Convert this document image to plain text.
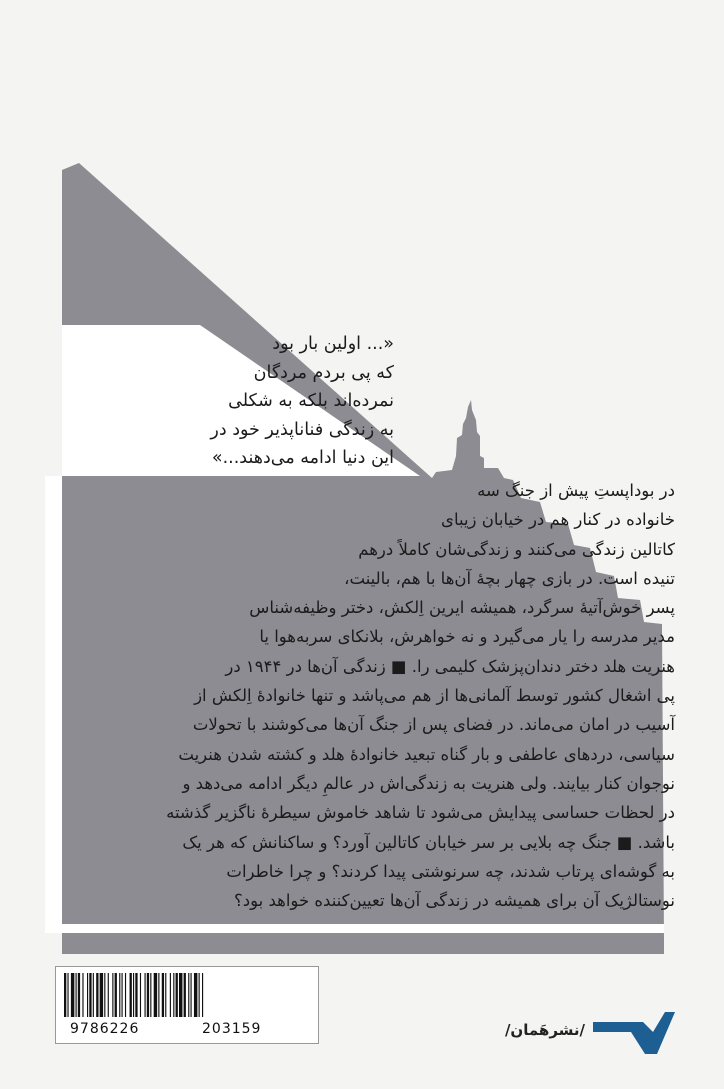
«... اولین بار بود
که پی بردم مردگان
نمرده‌اند بلکه به شکلی
به زندگی فناناپذیر خود در
این دنیا ادامه می‌دهند...»
در بوداپستِ پیش از جنگ سه
خانواده در کنار هم در خیابان زیبای
کاتالین زندگی می‌کنند و زندگی‌شان کاملاً درهم
تنیده است. در بازی چهار بچهٔ آن‌ها با هم، بالینت،
پسر خوش‌آتیهٔ سرگرد، همیشه ایرین اِلکش، دختر وظیفه‌شناس
مدیر مدرسه را یار می‌گیرد و نه خواهرش، بلانکای سربه‌هوا یا
هنریت هلد دختر دندان‌پزشک کلیمی را. ■ زندگی آن‌ها در ۱۹۴۴ در
پی اشغال کشور توسط آلمانی‌ها از هم می‌پاشد و تنها خانوادهٔ اِلکش از
آسیب در امان می‌ماند. در فضای پس از جنگ آن‌ها می‌کوشند با تحولات
سیاسی، دردهای عاطفی و بار گناه تبعید خانوادهٔ هلد و کشته شدن هنریت
نوجوان کنار بیایند. ولی هنریت به زندگی‌اش در عالمِ دیگر ادامه می‌دهد و
در لحظات حساسی پیدایش می‌شود تا شاهد خاموش سیطرهٔ ناگزیر گذشته
باشد. ■ جنگ چه بلایی بر سر خیابان کاتالین آورد؟ و ساکنانش که هر یک
به گوشه‌ای پرتاب شدند، چه سرنوشتی پیدا کردند؟ و چرا خاطرات
نوستالژیک آن برای همیشه در زندگی آن‌ها تعیین‌کننده خواهد بود؟
9786226	203159	/نشرهَمان/
